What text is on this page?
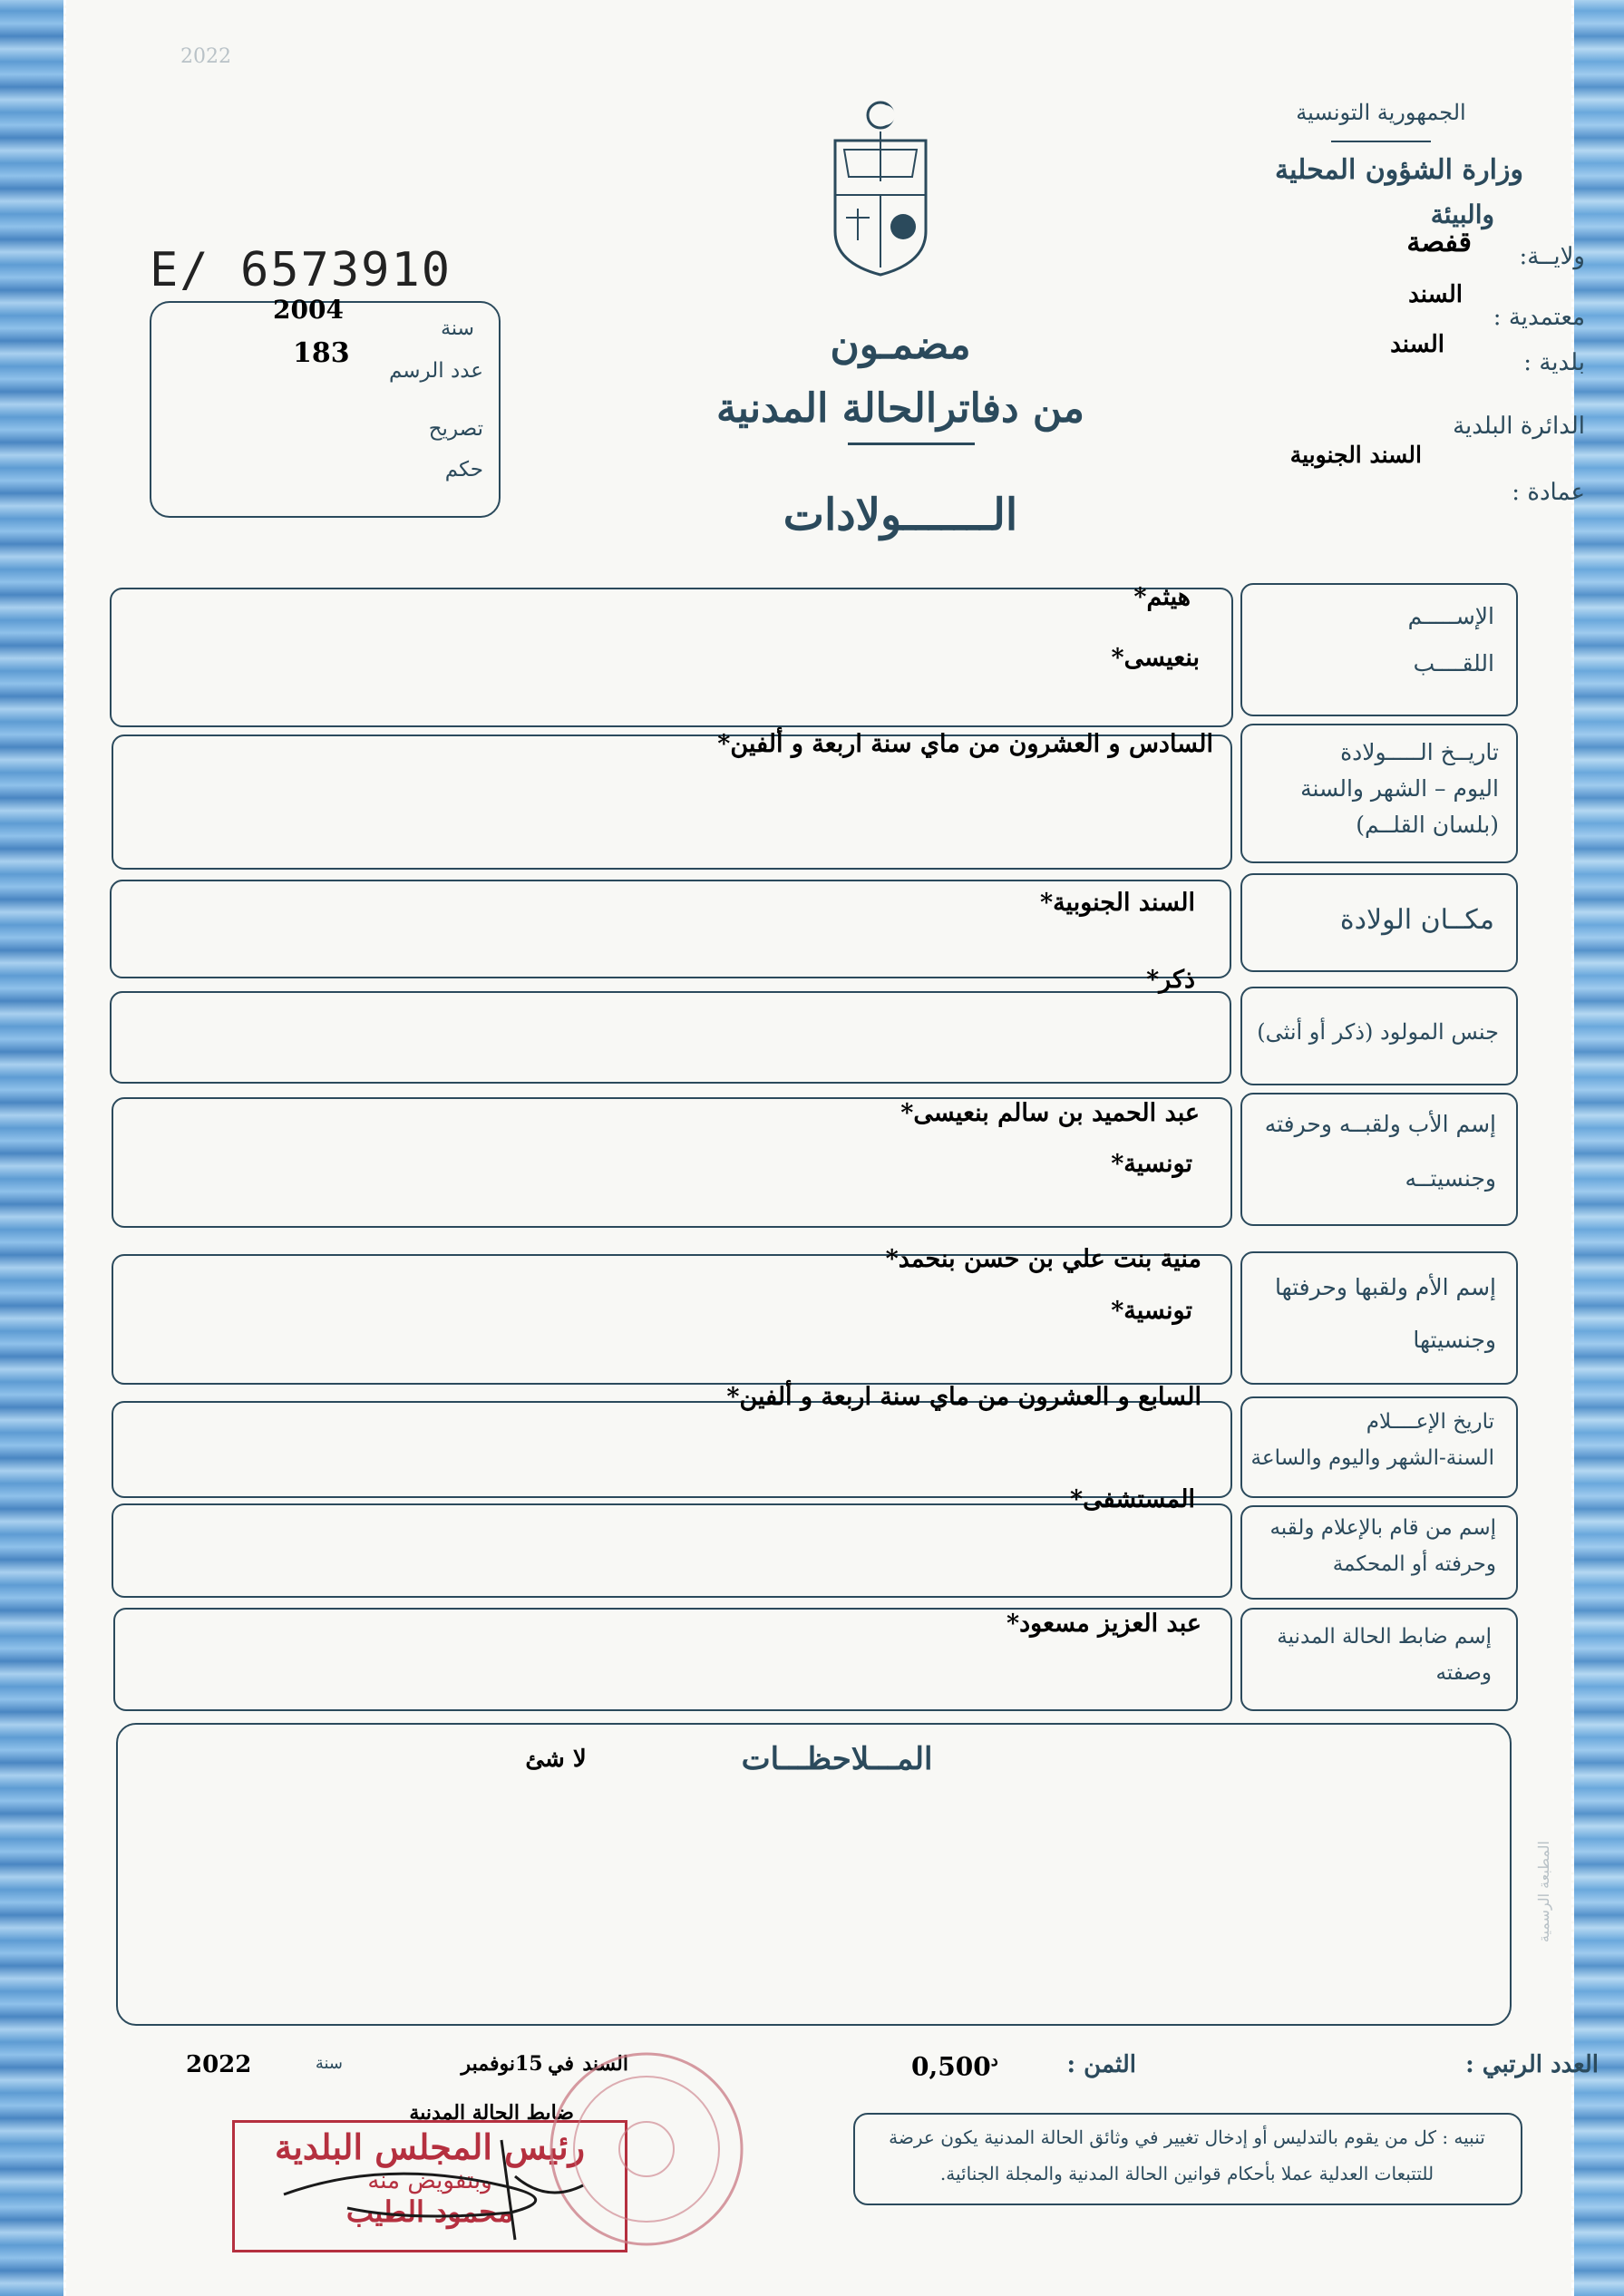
2022
الجمهورية التونسية
وزارة الشؤون المحلية
والبيئة
ولايــة:
قفصة
معتمدية :
السند
بلدية :
السند
الدائرة البلدية
السند الجنوبية
عمادة :
E/ 6573910
2004
سنة
183
عدد الرسم
تصريح
حكم
مضمـون
من دفاترالحالة المدنية
الـــــــولادات
الإســـــم
اللقــــب
تاريــخ الـــــولادة
اليوم – الشهر والسنة
(بلسان القلــم)
مكــان الولادة
جنس المولود (ذكر أو أنثى)
إسم الأب ولقبــه وحرفته
وجنسيتــه
إسم الأم ولقبها وحرفتها
وجنسيتها
تاريخ الإعــــلام
السنة-الشهر واليوم والساعة
إسم من قام بالإعلام ولقبه
وحرفته أو المحكمة
إسم ضابط الحالة المدنية
وصفته
هيثم*
بنعيسى*
السادس و العشرون من ماي سنة اربعة و ألفين*
السند الجنوبية*
ذكر*
عبد الحميد بن سالم بنعيسى*
تونسية*
منية بنت علي بن حسن بنحمد*
تونسية*
السابع و العشرون من ماي سنة اربعة و ألفين*
المستشفى*
عبد العزيز مسعود*
المـــلاحظـــات
لا شئ
المطبعة الرسمية
العدد الرتبي :
الثمن :
$0,500^د$
السند
في
15
نوفمبر
سنة
2022
ضابط الحالة المدنية
تنبيه : كل من يقوم بالتدليس أو إدخال تغيير في وثائق الحالة المدنية يكون عرضة
للتتبعات العدلية عملا بأحكام قوانين الحالة المدنية والمجلة الجنائية.
رئيس المجلس البلدية
وبتفويض منه
محمود الطيب
